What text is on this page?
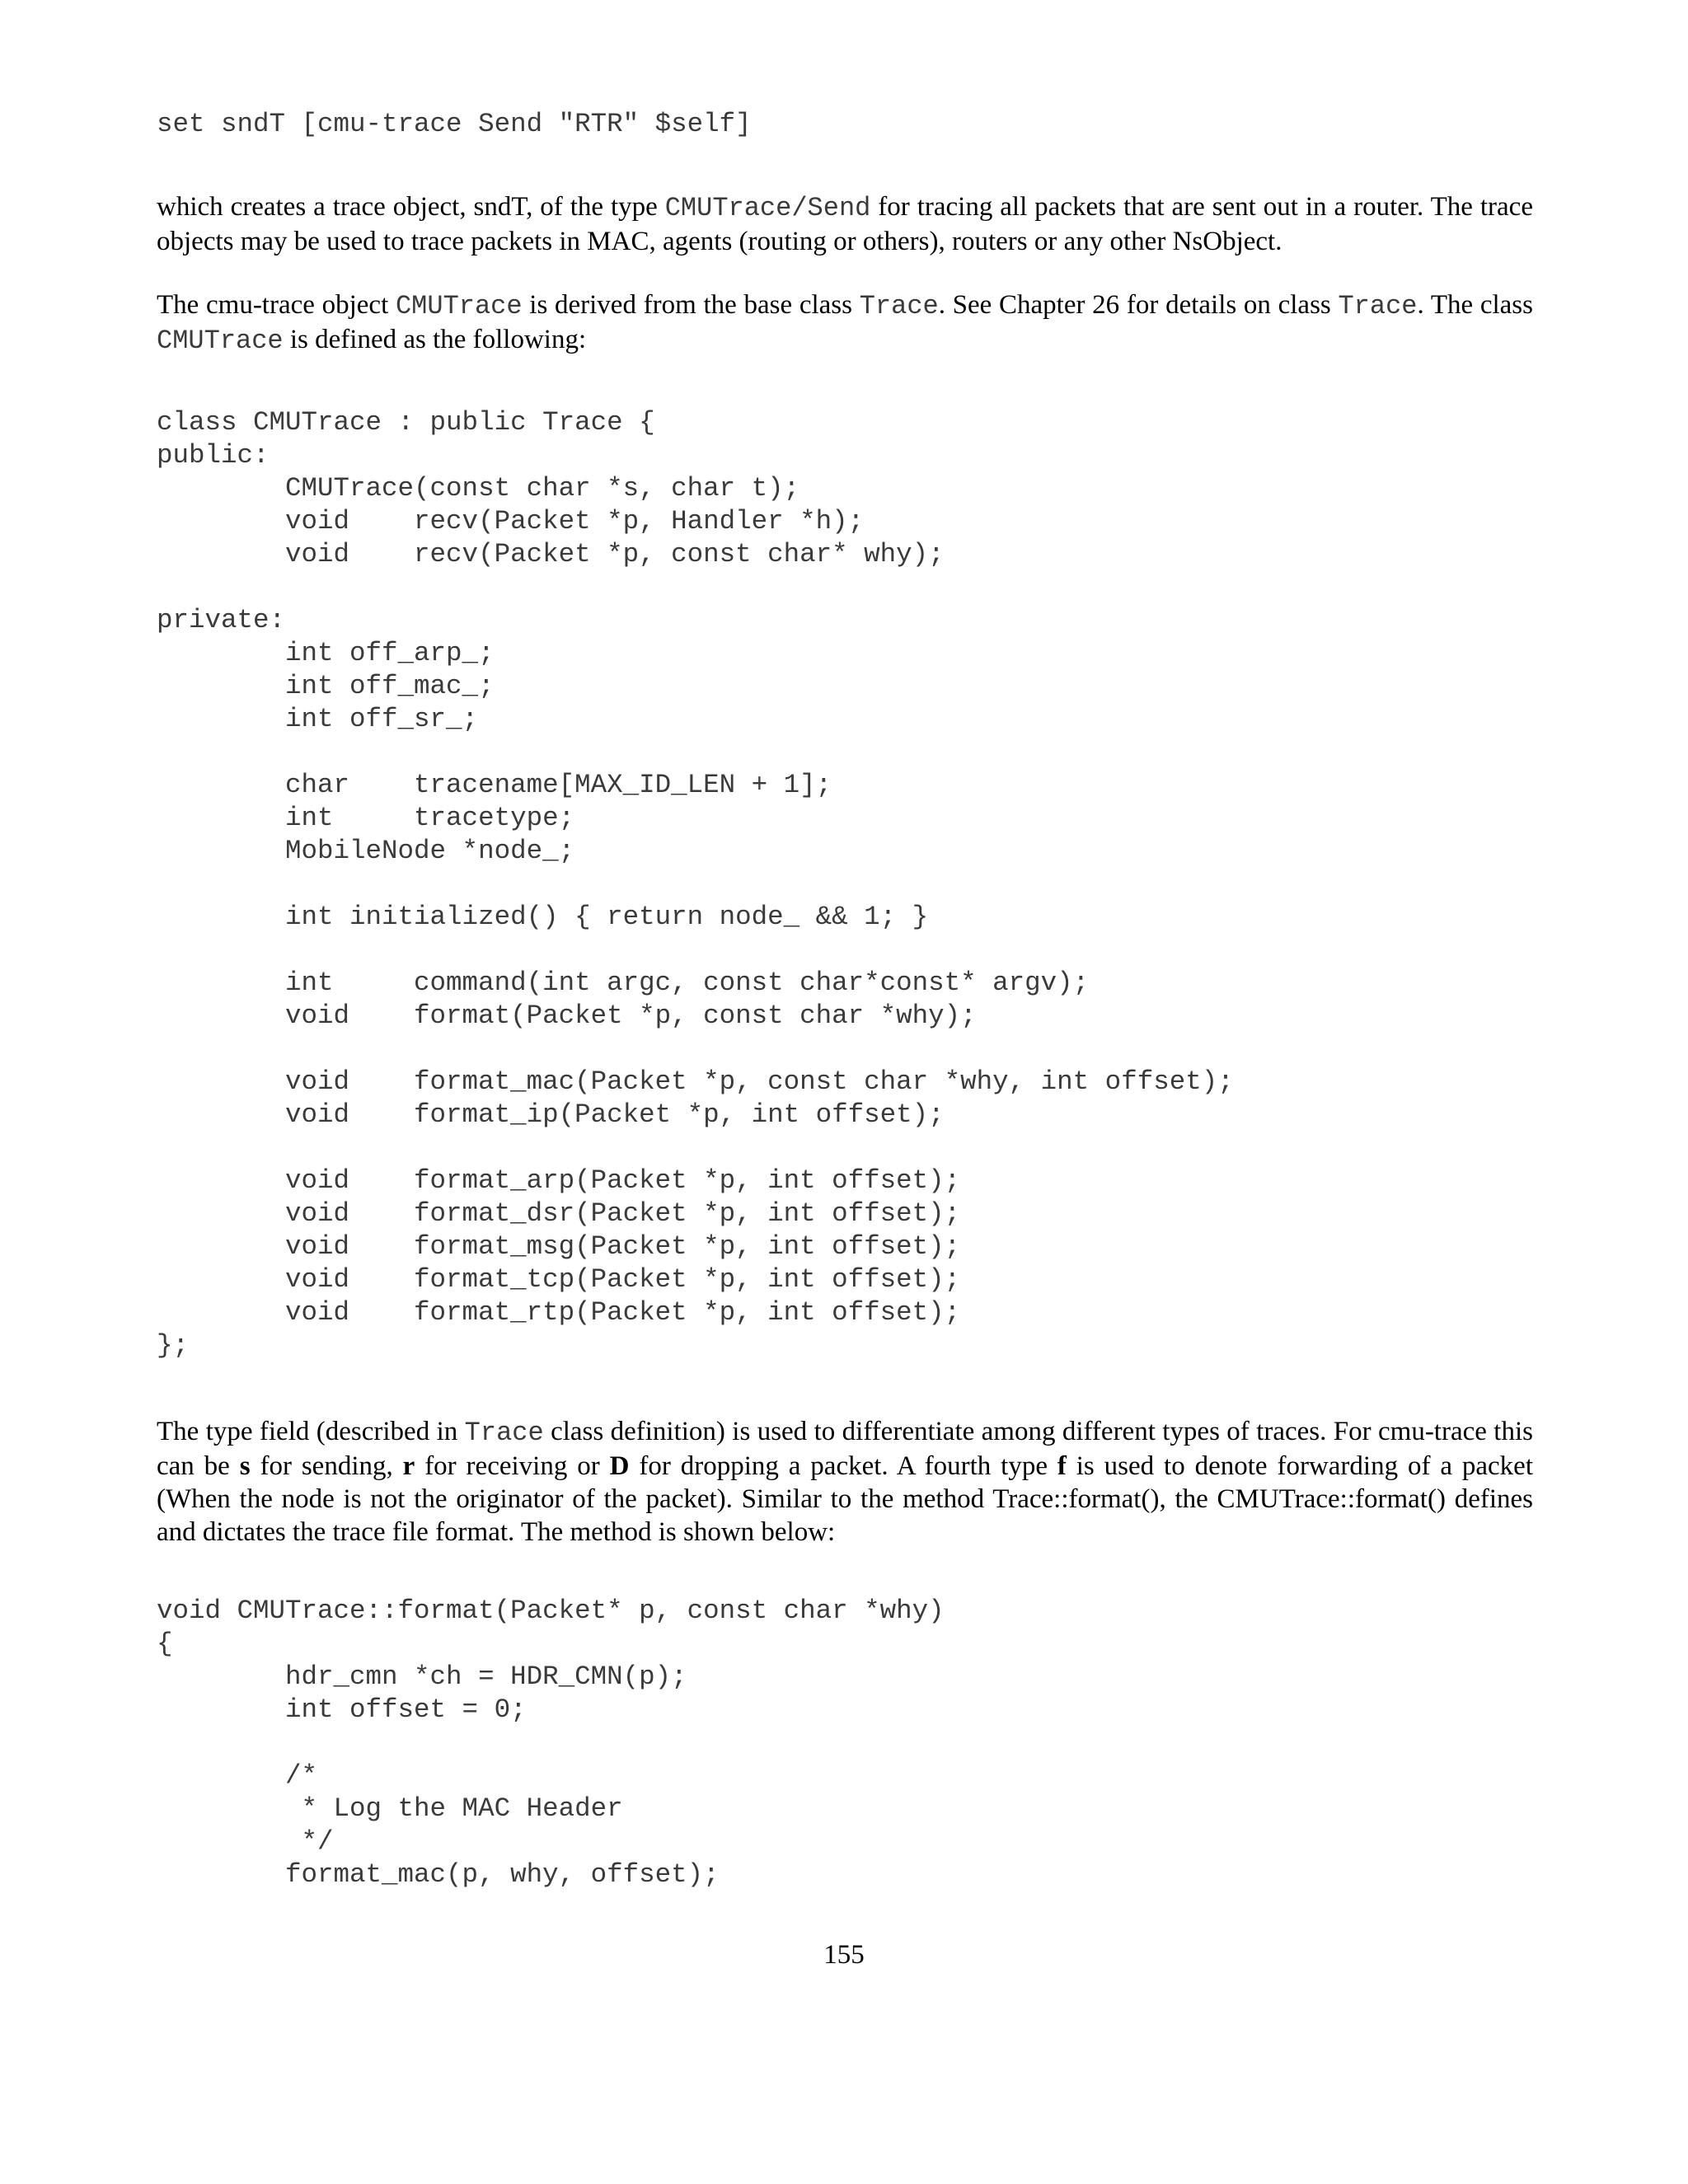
set sndT [cmu-trace Send "RTR" $self]

which creates a trace object, sndT, of the type CMUTrace/Send for tracing all packets that are sent out in a router. The trace objects may be used to trace packets in MAC, agents (routing or others), routers or any other NsObject.

The cmu-trace object CMUTrace is derived from the base class Trace. See Chapter 26 for details on class Trace. The class CMUTrace is defined as the following:

class CMUTrace : public Trace {
public:
CMUTrace(const char *s, char t);
void    recv(Packet *p, Handler *h);
void    recv(Packet *p, const char* why);

private:
int off_arp_;
int off_mac_;
int off_sr_;

char    tracename[MAX_ID_LEN + 1];
int     tracetype;
MobileNode *node_;

int initialized() { return node_ && 1; }

int     command(int argc, const char*const* argv);
void    format(Packet *p, const char *why);

void    format_mac(Packet *p, const char *why, int offset);
void    format_ip(Packet *p, int offset);

void    format_arp(Packet *p, int offset);
void    format_dsr(Packet *p, int offset);
void    format_msg(Packet *p, int offset);
void    format_tcp(Packet *p, int offset);
void    format_rtp(Packet *p, int offset);
};

The type field (described in Trace class definition) is used to differentiate among different types of traces. For cmu-trace this can be s for sending, r for receiving or D for dropping a packet. A fourth type f is used to denote forwarding of a packet (When the node is not the originator of the packet). Similar to the method Trace::format(), the CMUTrace::format() defines and dictates the trace file format. The method is shown below:

void CMUTrace::format(Packet* p, const char *why)
{
hdr_cmn *ch = HDR_CMN(p);
int offset = 0;

/*
* Log the MAC Header
*/
format_mac(p, why, offset);
155
